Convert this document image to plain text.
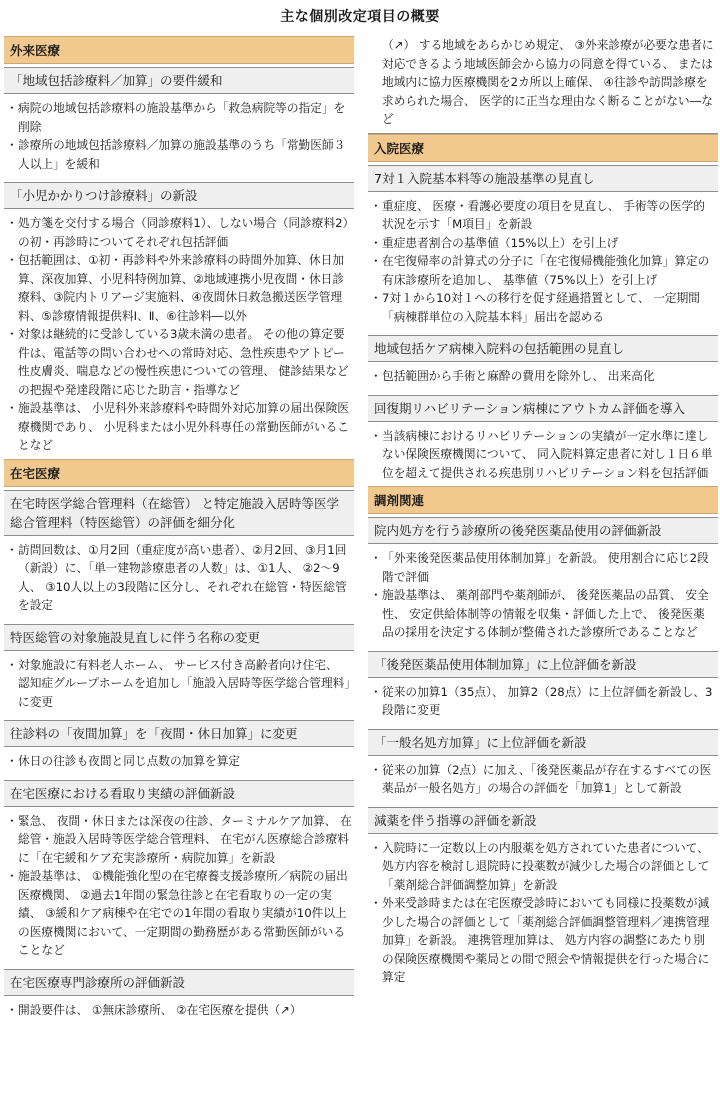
主な個別改定項目の概要
外来医療
「地域包括診療料／加算」の要件緩和
・ 病院の地域包括診療料の施設基準から「救急病院等の指定」を削除
・ 診療所の地域包括診療料／加算の施設基準のうち「常勤医師３人以上」を緩和
「小児かかりつけ診療料」の新設
・ 処方箋を交付する場合（同診療料1）、しない場合（同診療料2）の初・再診時についてそれぞれ包括評価
・ 包括範囲は、①初・再診料や外来診療料の時間外加算、休日加算、深夜加算、小児科特例加算、②地域連携小児夜間・休日診療料、③院内トリアージ実施料、④夜間休日救急搬送医学管理料、⑤診療情報提供料Ⅰ、Ⅱ、⑥往診料―以外
・ 対象は継続的に受診している3歳未満の患者。 その他の算定要件は、電話等の問い合わせへの常時対応、急性疾患やアトピー性皮膚炎、喘息などの慢性疾患についての管理、 健診結果などの把握や発達段階に応じた助言・指導など
・ 施設基準は、 小児科外来診療料や時間外対応加算の届出保険医療機関であり、 小児科または小児外科専任の常勤医師がいることなど
在宅医療
在宅時医学総合管理料（在総管） と特定施設入居時等医学総合管理料（特医総管）の評価を細分化
・ 訪問回数は、①月2回（重症度が高い患者）、②月2回、③月1回（新設）に、「単一建物診療患者の人数」は、①1人、 ②2〜9人、 ③10人以上の3段階に区分し、それぞれ在総管・特医総管を設定
特医総管の対象施設見直しに伴う名称の変更
・ 対象施設に有料老人ホーム、 サービス付き高齢者向け住宅、 認知症グループホームを追加し「施設入居時等医学総合管理料」に変更
往診料の「夜間加算」を「夜間・休日加算」に変更
・ 休日の往診も夜間と同じ点数の加算を算定
在宅医療における看取り実績の評価新設
・ 緊急、 夜間・休日または深夜の往診、ターミナルケア加算、 在総管・施設入居時等医学総合管理料、 在宅がん医療総合診療料に「在宅緩和ケア充実診療所・病院加算」を新設
・ 施設基準は、 ①機能強化型の在宅療養支援診療所／病院の届出医療機関、 ②過去1年間の緊急往診と在宅看取りの一定の実績、 ③緩和ケア病棟や在宅での1年間の看取り実績が10件以上の医療機関において、一定期間の勤務歴がある常勤医師がいることなど
在宅医療専門診療所の評価新設
・ 開設要件は、 ①無床診療所、 ②在宅医療を提供（↗）
（↗） する地域をあらかじめ規定、 ③外来診療が必要な患者に対応できるよう地域医師会から協力の同意を得ている、 または地域内に協力医療機関を2カ所以上確保、 ④往診や訪問診療を求められた場合、 医学的に正当な理由なく断ることがない―など
入院医療
7対１入院基本料等の施設基準の見直し
・ 重症度、 医療・看護必要度の項目を見直し、 手術等の医学的状況を示す「M項目」を新設
・ 重症患者割合の基準値（15%以上）を引上げ
・ 在宅復帰率の計算式の分子に「在宅復帰機能強化加算」算定の有床診療所を追加し、 基準値（75%以上）を引上げ
・ 7対１から10対１への移行を促す経過措置として、 一定期間「病棟群単位の入院基本料」届出を認める
地域包括ケア病棟入院料の包括範囲の見直し
・ 包括範囲から手術と麻酔の費用を除外し、 出来高化
回復期リハビリテーション病棟にアウトカム評価を導入
・ 当該病棟におけるリハビリテーションの実績が一定水準に達しない保険医療機関について、 同入院料算定患者に対し１日６単位を超えて提供される疾患別リハビリテーション料を包括評価
調剤関連
院内処方を行う診療所の後発医薬品使用の評価新設
・ 「外来後発医薬品使用体制加算」を新設。 使用割合に応じ2段階で評価
・ 施設基準は、 薬剤部門や薬剤師が、 後発医薬品の品質、 安全性、 安定供給体制等の情報を収集・評価した上で、 後発医薬品の採用を決定する体制が整備された診療所であることなど
「後発医薬品使用体制加算」に上位評価を新設
・ 従来の加算1（35点）、 加算2（28点）に上位評価を新設し、3段階に変更
「一般名処方加算」に上位評価を新設
・ 従来の加算（2点）に加え、「後発医薬品が存在するすべての医薬品が一般名処方」の場合の評価を「加算1」として新設
減薬を伴う指導の評価を新設
・ 入院時に一定数以上の内服薬を処方されていた患者について、 処方内容を検討し退院時に投薬数が減少した場合の評価として「薬剤総合評価調整加算」を新設
・ 外来受診時または在宅医療受診時においても同様に投薬数が減少した場合の評価として「薬剤総合評価調整管理料／連携管理加算」を新設。 連携管理加算は、 処方内容の調整にあたり別の保険医療機関や薬局との間で照会や情報提供を行った場合に算定
